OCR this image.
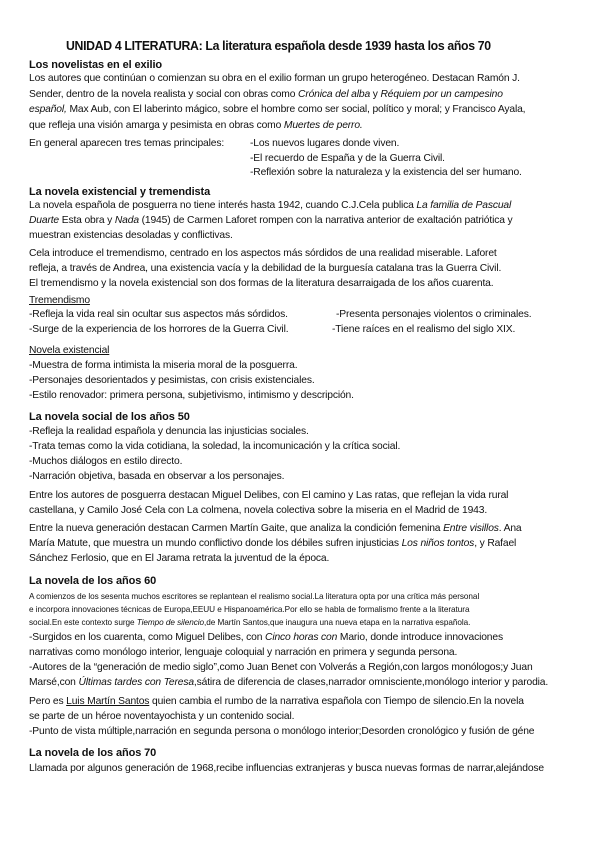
UNIDAD 4 LITERATURA: La literatura española desde 1939 hasta los años 70
Los novelistas en el exilio
Los autores que continúan o comienzan su obra en el exilio forman un grupo heterogéneo. Destacan Ramón J.
Sender, dentro de la novela realista y social con obras como Crónica del alba y Réquiem por un campesino
español, Max Aub, con El laberinto mágico, sobre el hombre como ser social, político y moral; y Francisco Ayala,
que refleja una visión amarga y pesimista en obras como Muertes de perro.
En general aparecen tres temas principales:	-Los nuevos lugares donde viven.
-El recuerdo de España y de la Guerra Civil.
-Reflexión sobre la naturaleza y la existencia del ser humano.
La novela existencial y tremendista
La novela española de posguerra no tiene interés hasta 1942, cuando C.J.Cela publica La familia de Pascual
Duarte Esta obra y Nada (1945) de Carmen Laforet rompen con la narrativa anterior de exaltación patriótica y
muestran existencias desoladas y conflictivas.
Cela introduce el tremendismo, centrado en los aspectos más sórdidos de una realidad miserable. Laforet
refleja, a través de Andrea, una existencia vacía y la debilidad de la burguesía catalana tras la Guerra Civil.
El tremendismo y la novela existencial son dos formas de la literatura desarraigada de los años cuarenta.
Tremendismo
-Refleja la vida real sin ocultar sus aspectos más sórdidos.	-Presenta personajes violentos o criminales.
-Surge de la experiencia de los horrores de la Guerra Civil.	-Tiene raíces en el realismo del siglo XIX.
Novela existencial
-Muestra de forma intimista la miseria moral de la posguerra.
-Personajes desorientados y pesimistas, con crisis existenciales.
-Estilo renovador: primera persona, subjetivismo, intimismo y descripción.
La novela social de los años 50
-Refleja la realidad española y denuncia las injusticias sociales.
-Trata temas como la vida cotidiana, la soledad, la incomunicación y la crítica social.
-Muchos diálogos en estilo directo.
-Narración objetiva, basada en observar a los personajes.
Entre los autores de posguerra destacan Miguel Delibes, con El camino y Las ratas, que reflejan la vida rural
castellana, y Camilo José Cela con La colmena, novela colectiva sobre la miseria en el Madrid de 1943.
Entre la nueva generación destacan Carmen Martín Gaite, que analiza la condición femenina Entre visillos. Ana
María Matute, que muestra un mundo conflictivo donde los débiles sufren injusticias Los niños tontos, y Rafael
Sánchez Ferlosio, que en El Jarama retrata la juventud de la época.
La novela de los años 60
A comienzos de los sesenta muchos escritores se replantean el realismo social.La literatura opta por una crítica más personal
e incorpora innovaciones técnicas de Europa,EEUU e Hispanoamérica.Por ello se habla de formalismo frente a la literatura
social.En este contexto surge Tiempo de silencio,de Martín Santos,que inaugura una nueva etapa en la narrativa española.
-Surgidos en los cuarenta, como Miguel Delibes, con Cinco horas con Mario, donde introduce innovaciones
narrativas como monólogo interior, lenguaje coloquial y narración en primera y segunda persona.
-Autores de la “generación de medio siglo”,como Juan Benet con Volverás a Región,con largos monólogos;y Juan
Marsé,con Últimas tardes con Teresa,sátira de diferencia de clases,narrador omnisciente,monólogo interior y parodia.
Pero es Luis Martín Santos quien cambia el rumbo de la narrativa española con Tiempo de silencio.En la novela
se parte de un héroe noventayochista y un contenido social.
-Punto de vista múltiple,narración en segunda persona o monólogo interior;Desorden cronológico y fusión de géne
La novela de los años 70
Llamada por algunos generación de 1968,recibe influencias extranjeras y busca nuevas formas de narrar,alejándose
